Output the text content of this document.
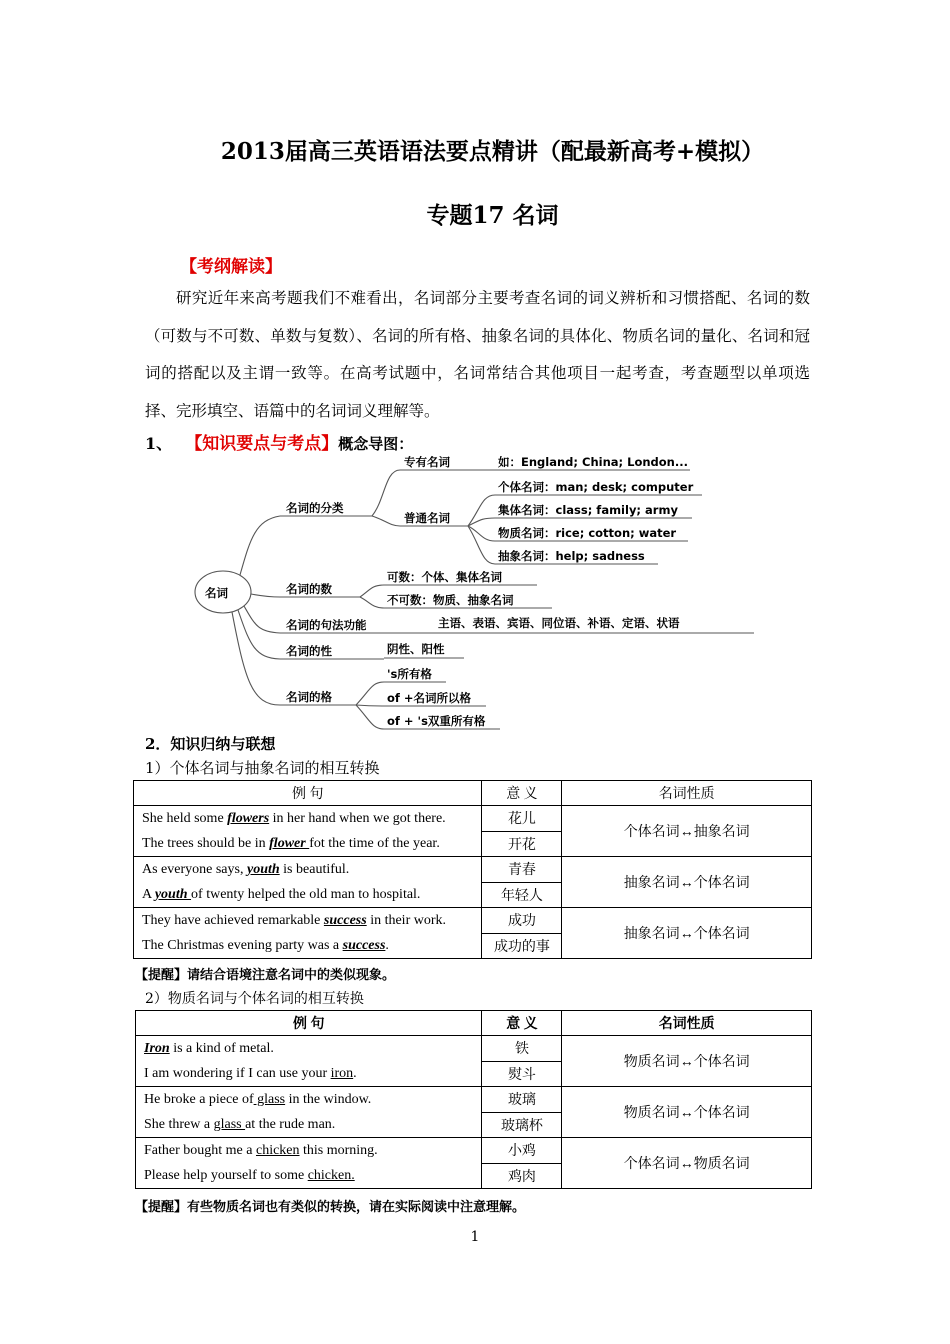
2013届高三英语语法要点精讲（配最新高考+模拟）
专题17 名词
【考纲解读】
研究近年来高考题我们不难看出，名词部分主要考查名词的词义辨析和习惯搭配、名词的数（可数与不可数、单数与复数）、名词的所有格、抽象名词的具体化、物质名词的量化、名词和冠词的搭配以及主谓一致等。在高考试题中，名词常结合其他项目一起考查，考查题型以单项选择、完形填空、语篇中的名词词义理解等。
1、 【知识要点与考点】概念导图：
名词
名词的分类
专有名词	如：England; China; London...
普通名词
个体名词：man; desk; computer
集体名词：class; family; army
物质名词：rice; cotton; water
抽象名词：help; sadness
名词的数
可数：个体、集体名词
不可数：物质、抽象名词
名词的句法功能	主语、表语、宾语、同位语、补语、定语、状语
名词的性	阴性、阳性
名词的格
's所有格
of +名词所以格
of + 's双重所有格
2．知识归纳与联想
1）个体名词与抽象名词的相互转换
例 句	意 义	名词性质
She held some flowers in her hand when we got there.	花儿	个体名词↔抽象名词
The trees should be in flower fot the time of the year.	开花	
As everyone says, youth is beautiful.	青春	抽象名词↔个体名词
A youth of twenty helped the old man to hospital.	年轻人	
They have achieved remarkable success in their work.	成功	抽象名词↔个体名词
The Christmas evening party was a success.	成功的事	
【提醒】请结合语境注意名词中的类似现象。
2）物质名词与个体名词的相互转换
例 句	意 义	名词性质
Iron is a kind of metal.	铁	物质名词↔个体名词
I am wondering if I can use your iron.	熨斗	
He broke a piece of glass in the window.	玻璃	物质名词↔个体名词
She threw a glass at the rude man.	玻璃杯	
Father bought me a chicken this morning.	小鸡	个体名词↔物质名词
Please help yourself to some chicken.	鸡肉	
【提醒】有些物质名词也有类似的转换，请在实际阅读中注意理解。
1
